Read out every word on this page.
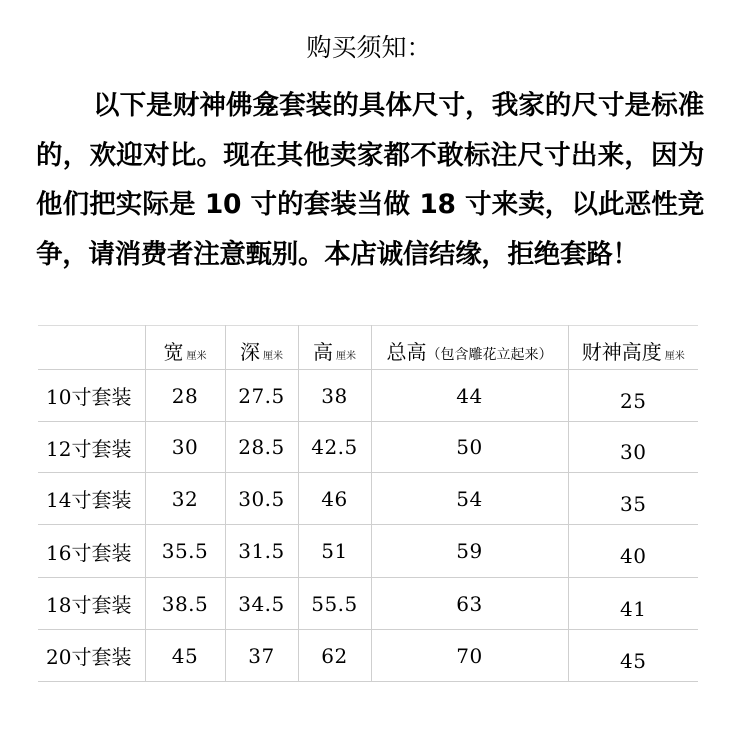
购买须知：
以下是财神佛龛套装的具体尺寸，我家的尺寸是标准的，欢迎对比。现在其他卖家都不敢标注尺寸出来，因为他们把实际是 10 寸的套装当做 18 寸来卖，以此恶性竞争，请消费者注意甄别。本店诚信结缘，拒绝套路！
	宽 厘米	深 厘米	高 厘米	总高（包含雕花立起来）	财神高度 厘米
10寸套装	28	27.5	38	44	25
12寸套装	30	28.5	42.5	50	30
14寸套装	32	30.5	46	54	35
16寸套装	35.5	31.5	51	59	40
18寸套装	38.5	34.5	55.5	63	41
20寸套装	45	37	62	70	45
